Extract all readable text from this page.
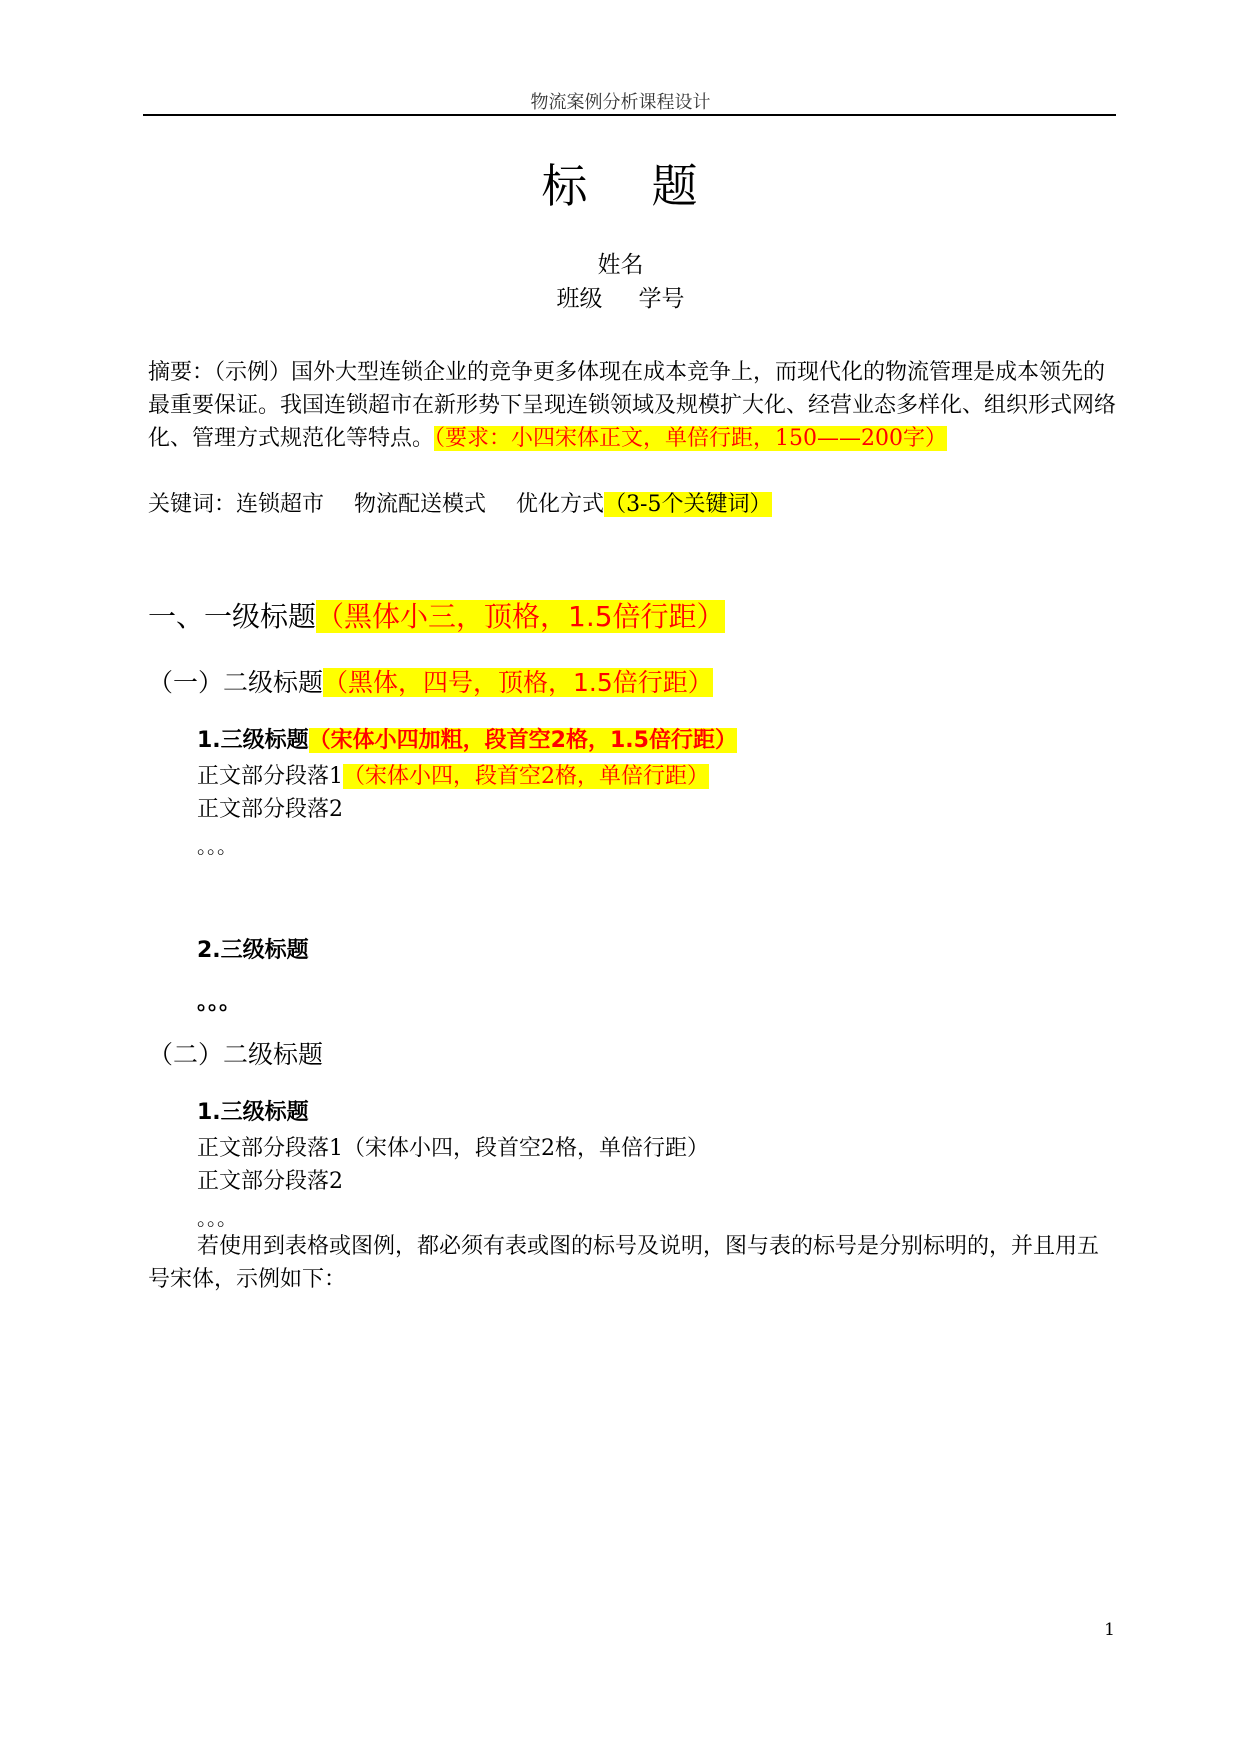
物流案例分析课程设计
标 题
姓名
班级 学号
摘要：（示例）国外大型连锁企业的竞争更多体现在成本竞争上，而现代化的物流管理是成本领先的最重要保证。我国连锁超市在新形势下呈现连锁领域及规模扩大化、经营业态多样化、组织形式网络化、管理方式规范化等特点。（要求：小四宋体正文，单倍行距，150——200字）
关键词：连锁超市 物流配送模式 优化方式（3-5个关键词）
一、一级标题（黑体小三，顶格，1.5倍行距）
（一）二级标题（黑体，四号，顶格，1.5倍行距）
1.三级标题（宋体小四加粗，段首空2格，1.5倍行距）
正文部分段落1（宋体小四，段首空2格，单倍行距）
正文部分段落2
。。。
2.三级标题
。。。
（二）二级标题
1.三级标题
正文部分段落1（宋体小四，段首空2格，单倍行距）
正文部分段落2
。。。
若使用到表格或图例，都必须有表或图的标号及说明，图与表的标号是分别标明的，并且用五号宋体，示例如下：
1
